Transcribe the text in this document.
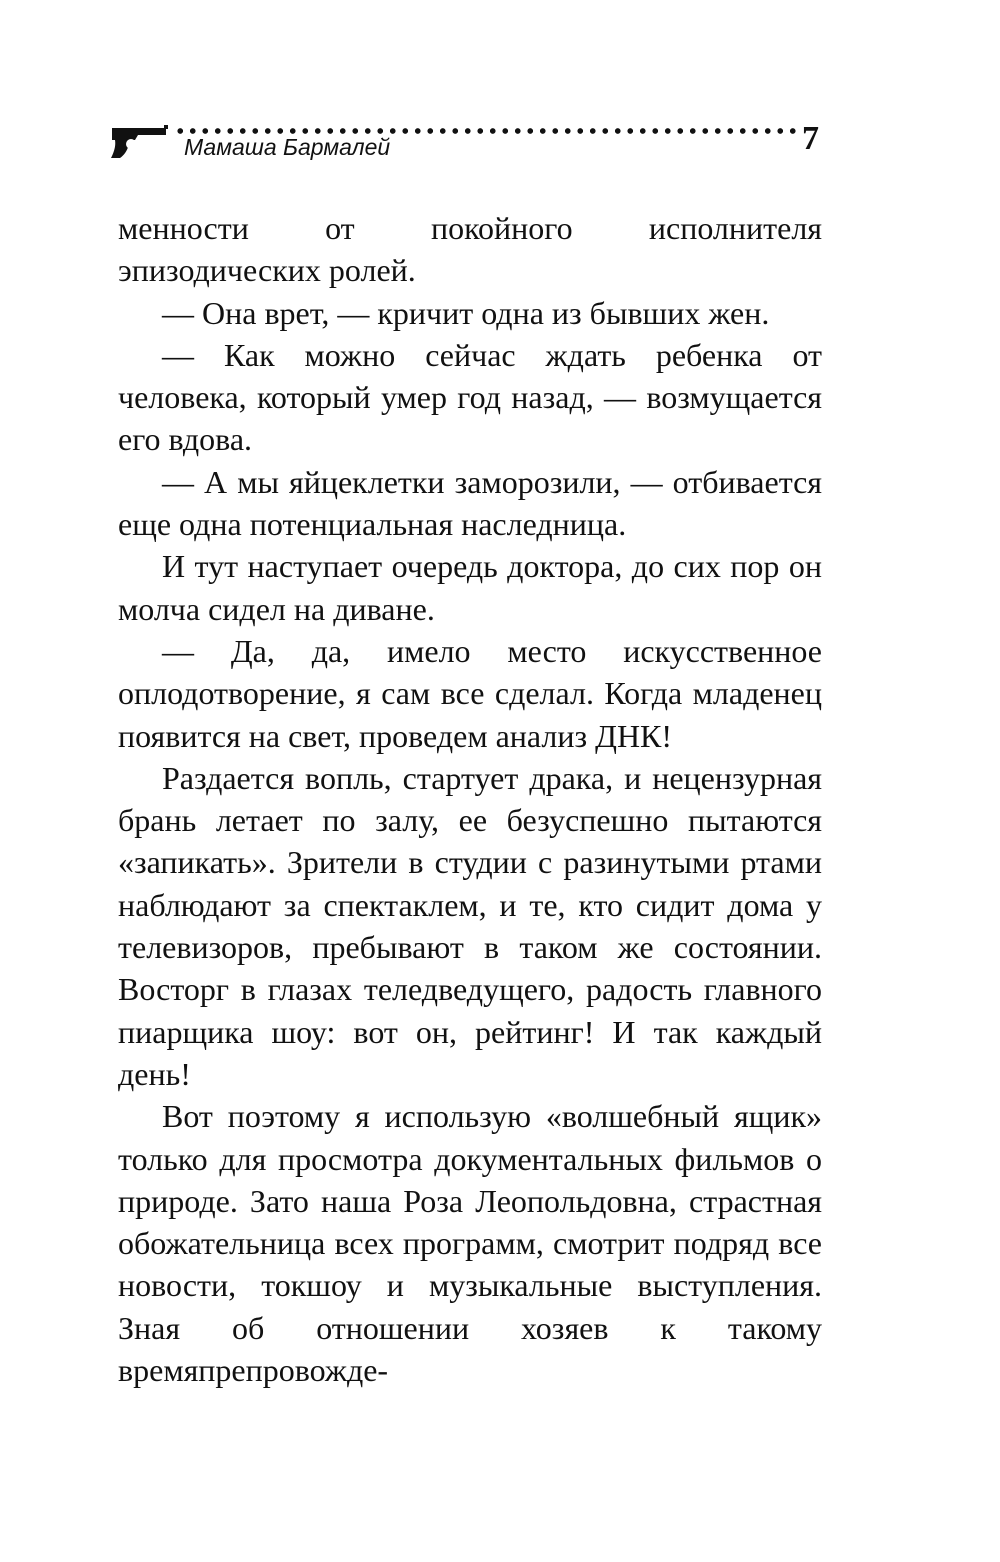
Мамаша Бармалей	7

менности от покойного исполнителя эпизодических ролей.

— Она врет, — кричит одна из бывших жен.

— Как можно сейчас ждать ребенка от человека, который умер год назад, — возмущается его вдова.

— А мы яйцеклетки заморозили, — отбивается еще одна потенциальная наследница.

И тут наступает очередь доктора, до сих пор он молча сидел на диване.

— Да, да, имело место искусственное оплодотворение, я сам все сделал. Когда младенец появится на свет, проведем анализ ДНК!

Раздается вопль, стартует драка, и нецензурная брань летает по залу, ее безуспешно пытаются «запикать». Зрители в студии с разинутыми ртами наблюдают за спектаклем, и те, кто сидит дома у телевизоров, пребывают в таком же состоянии. Восторг в глазах теледведущего, радость главного пиарщика шоу: вот он, рейтинг! И так каждый день!

Вот поэтому я использую «волшебный ящик» только для просмотра документальных фильмов о природе. Зато наша Роза Леопольдовна, страстная обожательница всех программ, смотрит подряд все новости, токшоу и музыкальные выступления. Зная об отношении хозяев к такому времяпрепровожде-
